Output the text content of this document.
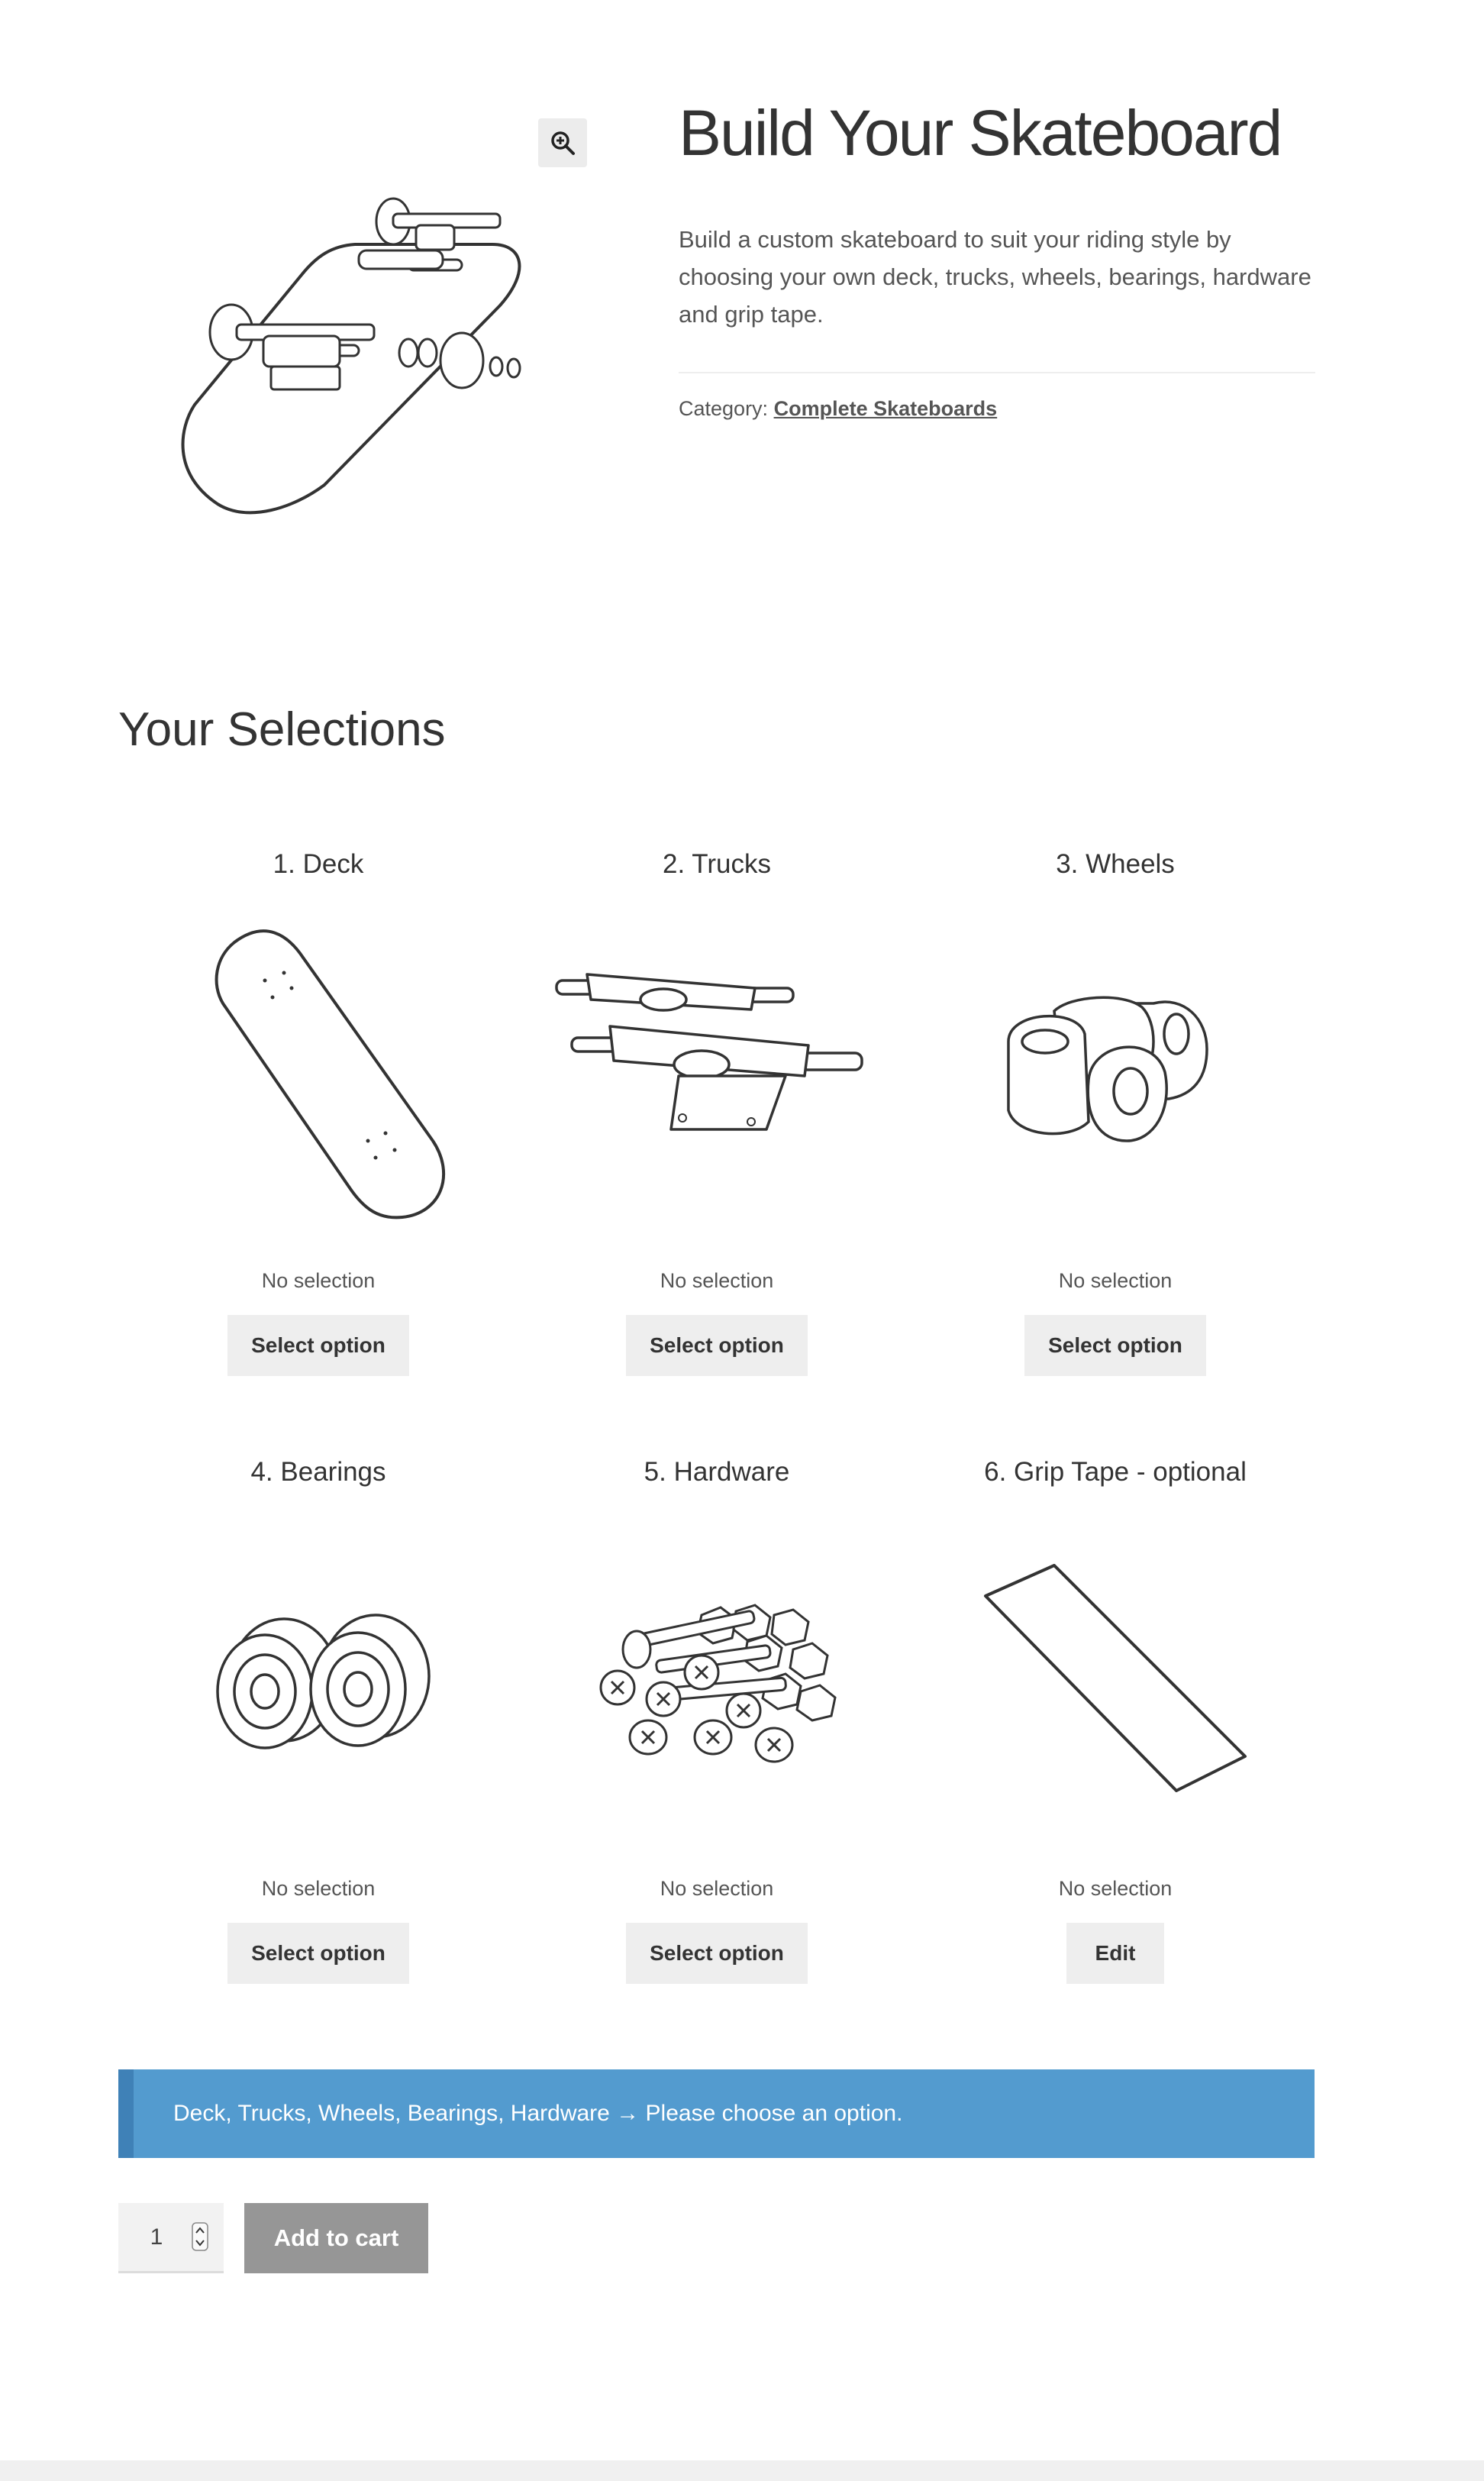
Build Your Skateboard

Build a custom skateboard to suit your riding style by choosing your own deck, trucks, wheels, bearings, hardware and grip tape.

Category: Complete Skateboards
Your Selections
1. Deck
No selection
Select option
2. Trucks
No selection
Select option
3. Wheels
No selection
Select option
4. Bearings
No selection
Select option
5. Hardware
No selection
Select option
6. Grip Tape - optional
No selection
Edit
Deck, Trucks, Wheels, Bearings, Hardware → Please choose an option.
1	Add to cart
